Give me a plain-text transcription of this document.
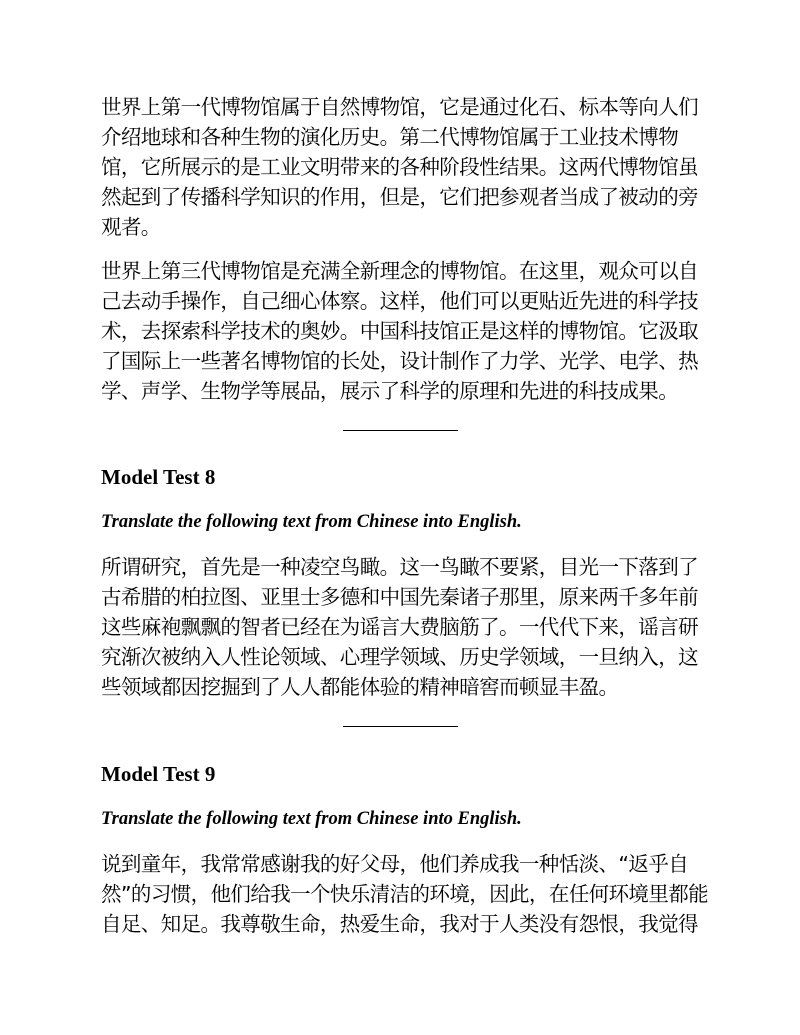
世界上第一代博物馆属于自然博物馆，它是通过化石、标本等向人们
介绍地球和各种生物的演化历史。第二代博物馆属于工业技术博物
馆，它所展示的是工业文明带来的各种阶段性结果。这两代博物馆虽
然起到了传播科学知识的作用，但是，它们把参观者当成了被动的旁
观者。
世界上第三代博物馆是充满全新理念的博物馆。在这里，观众可以自
己去动手操作，自己细心体察。这样，他们可以更贴近先进的科学技
术，去探索科学技术的奥妙。中国科技馆正是这样的博物馆。它汲取
了国际上一些著名博物馆的长处，设计制作了力学、光学、电学、热
学、声学、生物学等展品，展示了科学的原理和先进的科技成果。
Model Test 8

Translate the following text from Chinese into English.

所谓研究，首先是一种凌空鸟瞰。这一鸟瞰不要紧，目光一下落到了
古希腊的柏拉图、亚里士多德和中国先秦诸子那里，原来两千多年前
这些麻袍飘飘的智者已经在为谣言大费脑筋了。一代代下来，谣言研
究渐次被纳入人性论领域、心理学领域、历史学领域，一旦纳入，这
些领域都因挖掘到了人人都能体验的精神暗窖而顿显丰盈。
Model Test 9

Translate the following text from Chinese into English.

说到童年，我常常感谢我的好父母，他们养成我一种恬淡、“返乎自
然”的习惯，他们给我一个快乐清洁的环境，因此，在任何环境里都能
自足、知足。我尊敬生命，热爱生命，我对于人类没有怨恨，我觉得
